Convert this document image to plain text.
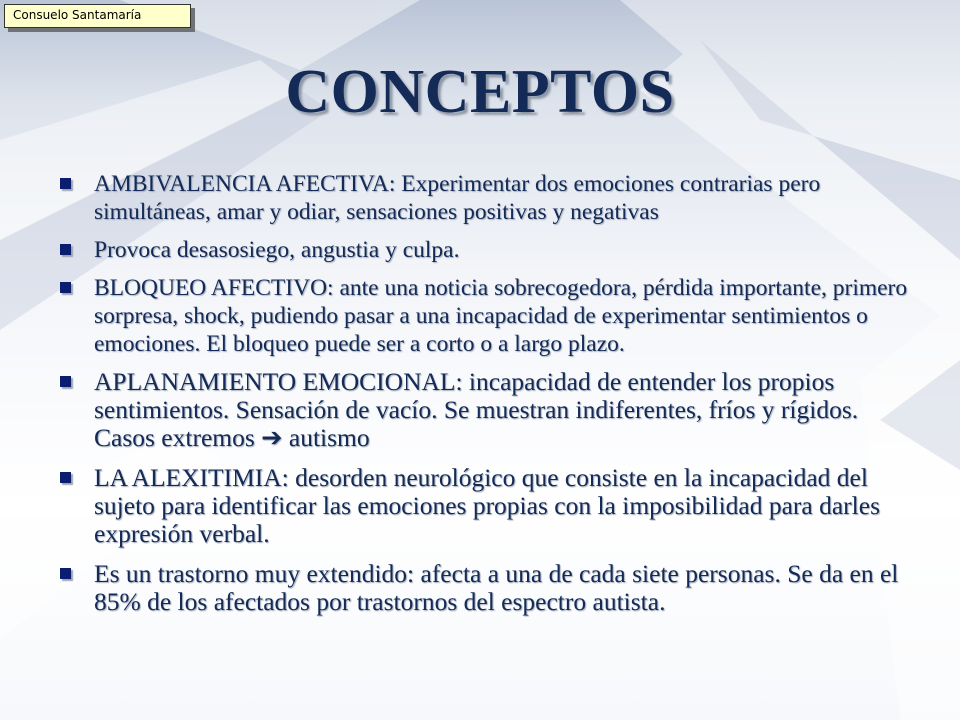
Consuelo Santamaría
CONCEPTOS
AMBIVALENCIA AFECTIVA: Experimentar dos emociones contrarias pero simultáneas, amar y odiar, sensaciones positivas y negativas
Provoca desasosiego, angustia y culpa.
BLOQUEO AFECTIVO: ante una noticia sobrecogedora, pérdida importante, primero sorpresa, shock, pudiendo pasar a una incapacidad de experimentar sentimientos o emociones. El bloqueo puede ser a corto o a largo plazo.
APLANAMIENTO EMOCIONAL: incapacidad de entender los propios sentimientos. Sensación de vacío. Se muestran indiferentes, fríos y rígidos. Casos extremos ➔ autismo
LA ALEXITIMIA: desorden neurológico que consiste en la incapacidad del sujeto para identificar las emociones propias con la imposibilidad para darles expresión verbal.
Es un trastorno muy extendido: afecta a una de cada siete personas. Se da en el 85% de los afectados por trastornos del espectro autista.
